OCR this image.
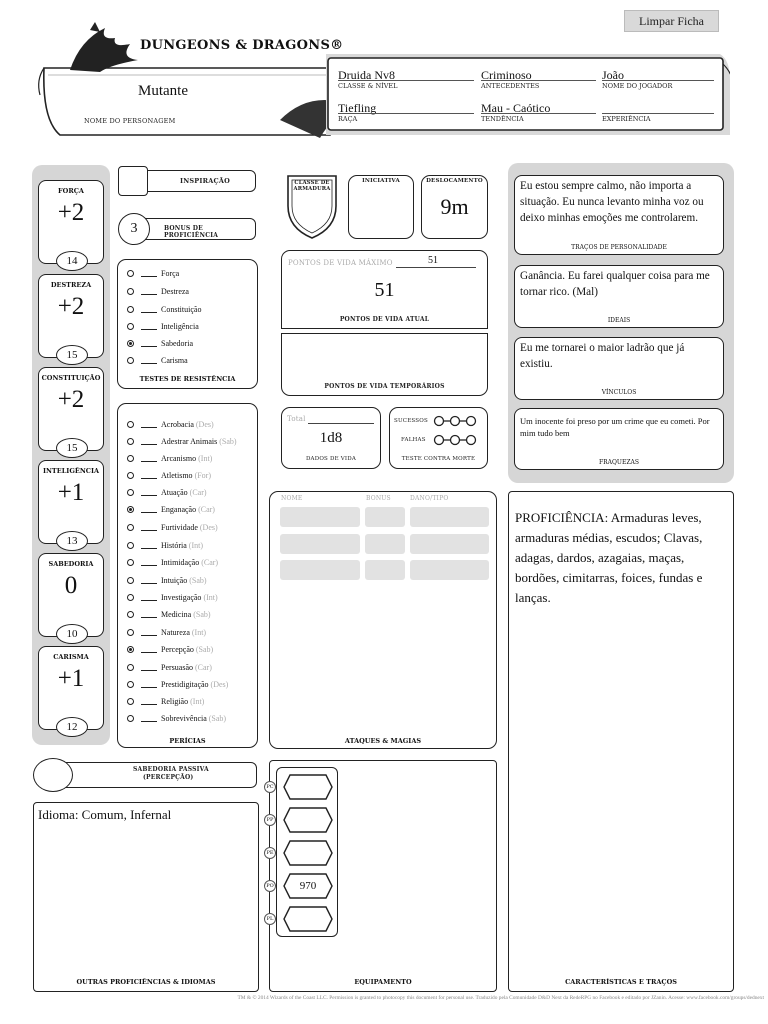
Limpar Ficha
DUNGEONS & DRAGONS®
Mutante
NOME DO PERSONAGEM
Druida Nv8
CLASSE & NÍVEL
Criminoso
ANTECEDENTES
João
NOME DO JOGADOR
Tiefling
RAÇA
Mau - Caótico
TENDÊNCIA	EXPERIÊNCIA
FORÇA
+2
14
DESTREZA
+2
15
CONSTITUIÇÃO
+2
15
INTELIGÊNCIA
+1
13
SABEDORIA
0
10
CARISMA
+1
12
INSPIRAÇÃO
3	BONUS DE PROFICIÊNCIA
Força
Destreza
Constituição
Inteligência
Sabedoria
Carisma
TESTES DE RESISTÊNCIA
Acrobacia
(Des)
Adestrar Animais
(Sab)
Arcanismo
(Int)
Atletismo
(For)
Atuação
(Car)
Enganação
(Car)
Furtividade
(Des)
História
(Int)
Intimidação
(Car)
Intuição
(Sab)
Investigação
(Int)
Medicina
(Sab)
Natureza
(Int)
Percepção
(Sab)
Persuasão
(Car)
Prestidigitação
(Des)
Religião
(Int)
Sobrevivência
(Sab)
PERÍCIAS
SABEDORIA PASSIVA
(PERCEPÇÃO)
Idioma: Comum, Infernal
OUTRAS PROFICIÊNCIAS & IDIOMAS
CLASSE DE ARMADURA
INICIATIVA	DESLOCAMENTO
9m
PONTOS DE VIDA MÁXIMO	51
51
PONTOS DE VIDA ATUAL
PONTOS DE VIDA TEMPORÁRIOS
Total
1d8
DADOS DE VIDA
SUCESSOS
FALHAS
TESTE CONTRA MORTE
NOME	BONUS	DANO/TIPO
ATAQUES & MAGIAS
PC
PP
PE
970
PO
PL
EQUIPAMENTO
Eu estou sempre calmo, não importa a situação. Eu nunca levanto minha voz ou deixo minhas emoções me controlarem.
TRAÇOS DE PERSONALIDADE
Ganância. Eu farei qualquer coisa para me tornar rico. (Mal)
IDEAIS
Eu me tornarei o maior ladrão que já existiu.
VÍNCULOS
Um inocente foi preso por um crime que eu cometi. Por mim tudo bem
FRAQUEZAS
PROFICIÊNCIA: Armaduras leves, armaduras médias, escudos; Clavas, adagas, dardos, azagaias, maças, bordões, cimitarras, foices, fundas e lanças.
CARACTERÍSTICAS E TRAÇOS
TM & © 2014 Wizards of the Coast LLC. Permission is granted to photocopy this document for personal use. Traduzido pela Comunidade D&D Next da RedeRPG no Facebook e editado por JZanin. Acesse: www.facebook.com/groups/dednext
